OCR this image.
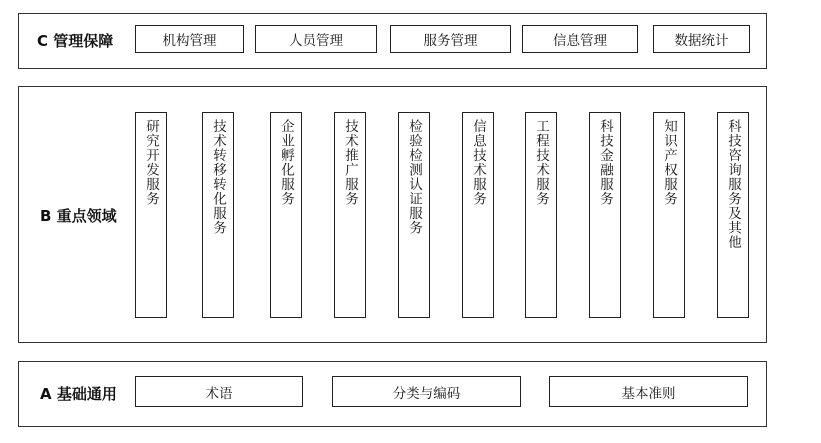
C 管理保障	机构管理	人员管理	服务管理	信息管理	数据统计
B 重点领域
研究开发服务	技术转移转化服务	企业孵化服务	技术推广服务	检验检测认证服务	信息技术服务	工程技术服务	科技金融服务	知识产权服务	科技咨询服务及其他
A 基础通用	术语	分类与编码	基本准则
